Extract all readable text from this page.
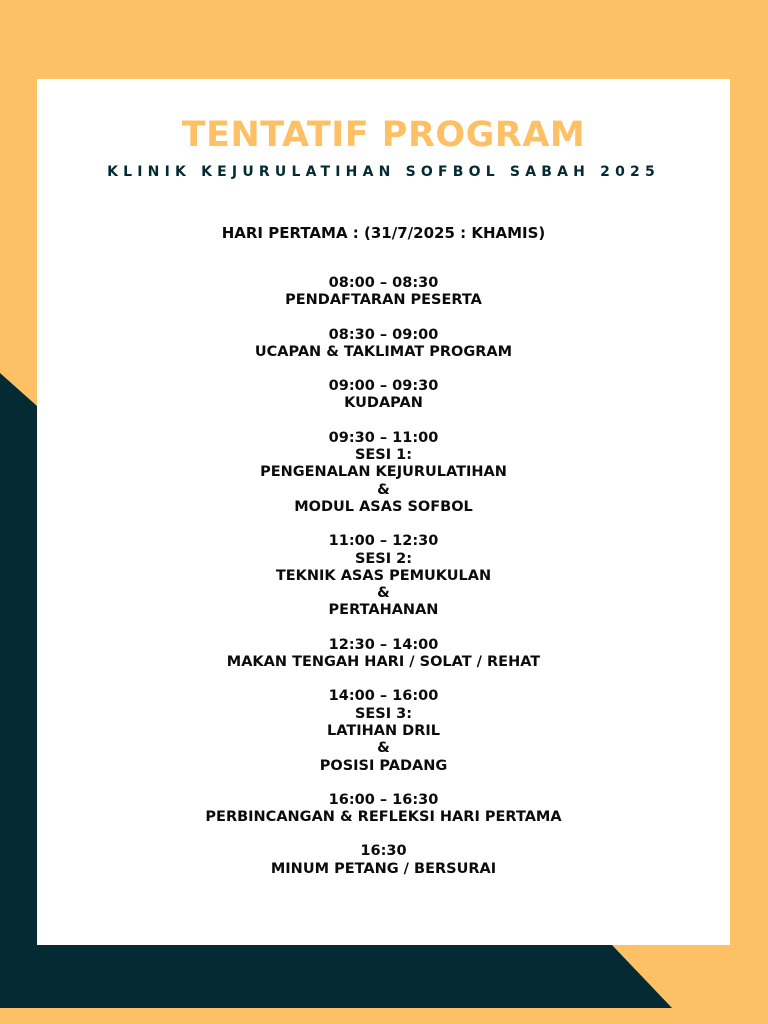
TENTATIF PROGRAM
KLINIK KEJURULATIHAN SOFBOL SABAH 2025
HARI PERTAMA : (31/7/2025 : KHAMIS)
08:00 – 08:30
PENDAFTARAN PESERTA
08:30 – 09:00
UCAPAN & TAKLIMAT PROGRAM
09:00 – 09:30
KUDAPAN
09:30 – 11:00
SESI 1:
PENGENALAN KEJURULATIHAN
&
MODUL ASAS SOFBOL
11:00 – 12:30
SESI 2:
TEKNIK ASAS PEMUKULAN
&
PERTAHANAN
12:30 – 14:00
MAKAN TENGAH HARI / SOLAT / REHAT
14:00 – 16:00
SESI 3:
LATIHAN DRIL
&
POSISI PADANG
16:00 – 16:30
PERBINCANGAN & REFLEKSI HARI PERTAMA
16:30
MINUM PETANG / BERSURAI
